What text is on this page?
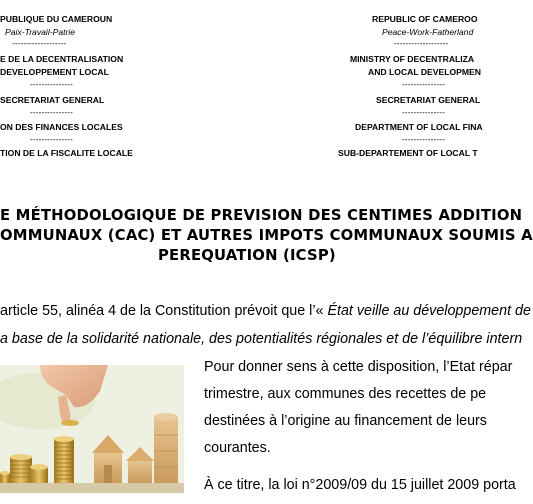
PUBLIQUE DU CAMEROUN
Paix-Travail-Patrie
-------------------
E DE LA DECENTRALISATION
DEVELOPPEMENT LOCAL
---------------
SECRETARIAT GENERAL
---------------
ON DES FINANCES LOCALES
---------------
TION DE LA FISCALITE LOCALE
REPUBLIC OF CAMEROO
Peace-Work-Fatherland
-------------------
MINISTRY OF DECENTRALIZA
AND LOCAL DEVELOPMEN
---------------
SECRETARIAT GENERAL
---------------
DEPARTMENT OF LOCAL FINA
---------------
SUB-DEPARTEMENT OF LOCAL T
E MÉTHODOLOGIQUE DE PREVISION DES CENTIMES ADDITION
OMMUNAUX (CAC) ET AUTRES IMPOTS COMMUNAUX SOUMIS A
PEREQUATION (ICSP)
article 55, alinéa 4 de la Constitution prévoit que l’« État veille au développement de
a base de la solidarité nationale, des potentialités régionales et de l’équilibre intern
Pour donner sens à cette disposition, l’Etat répar
trimestre, aux communes des recettes de pe
destinées à l’origine au financement de leurs
courantes.
À ce titre, la loi n°2009/09 du 15 juillet 2009 porta
